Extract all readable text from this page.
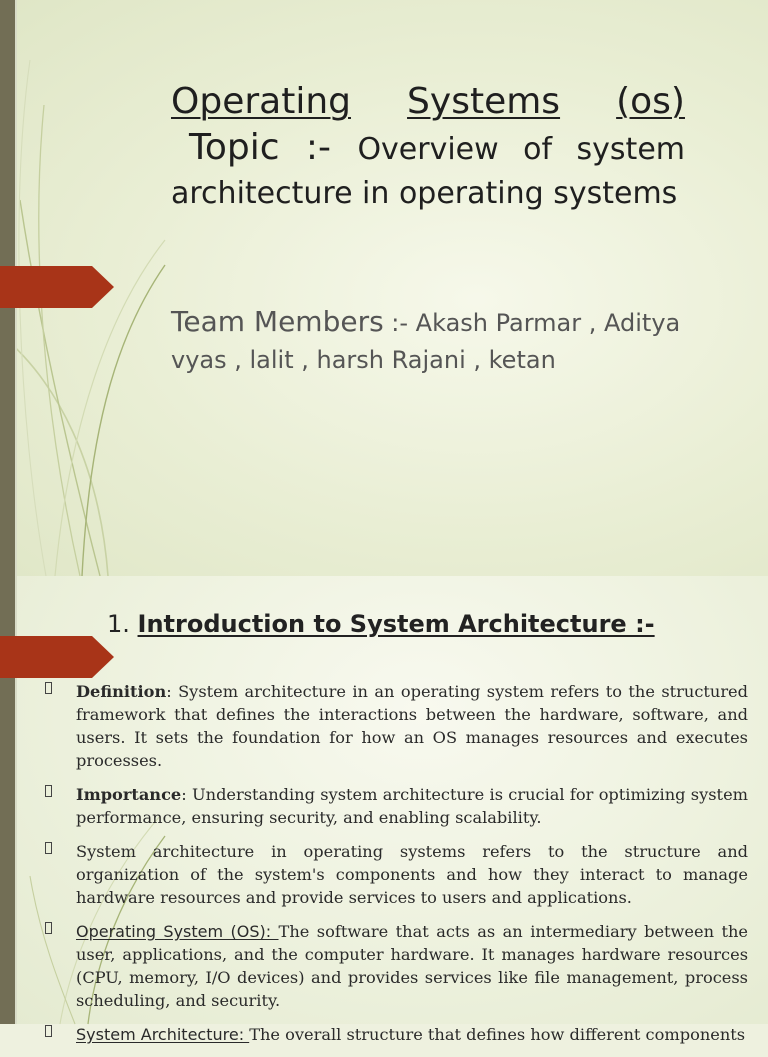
Operating Systems (os)
Topic :- Overview of system architecture in operating systems
Team Members :- Akash Parmar , Aditya vyas , lalit , harsh Rajani , ketan
1. Introduction to System Architecture :-
Definition: System architecture in an operating system refers to the structured framework that defines the interactions between the hardware, software, and users. It sets the foundation for how an OS manages resources and executes processes.
Importance: Understanding system architecture is crucial for optimizing system performance, ensuring security, and enabling scalability.
System architecture in operating systems refers to the structure and organization of the system's components and how they interact to manage hardware resources and provide services to users and applications.
Operating System (OS): The software that acts as an intermediary between the user, applications, and the computer hardware. It manages hardware resources (CPU, memory, I/O devices) and provides services like file management, process scheduling, and security.
System Architecture: The overall structure that defines how different components
